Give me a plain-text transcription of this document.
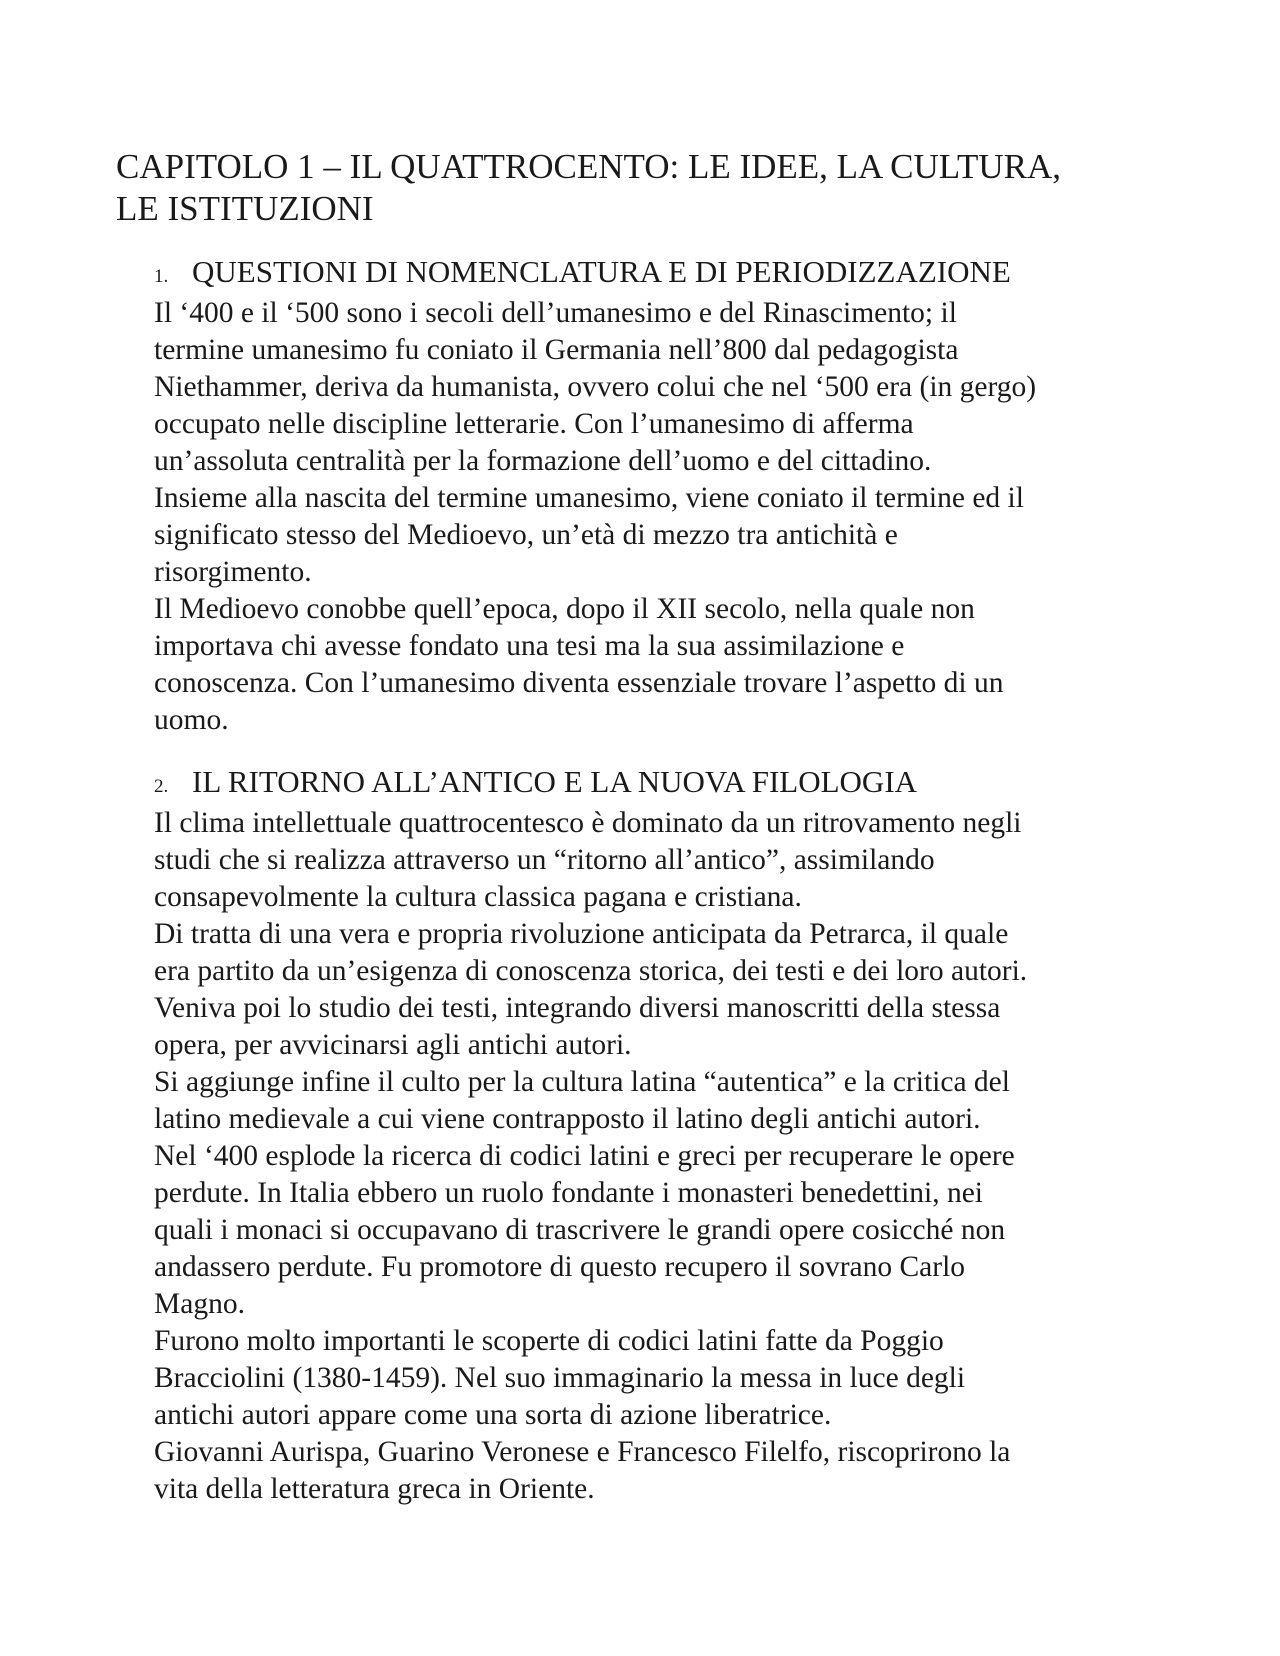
CAPITOLO 1 – IL QUATTROCENTO: LE IDEE, LA CULTURA,
LE ISTITUZIONI
1. QUESTIONI DI NOMENCLATURA E DI PERIODIZZAZIONE

Il ‘400 e il ‘500 sono i secoli dell’umanesimo e del Rinascimento; il
termine umanesimo fu coniato il Germania nell’800 dal pedagogista
Niethammer, deriva da humanista, ovvero colui che nel ‘500 era (in gergo)
occupato nelle discipline letterarie. Con l’umanesimo di afferma
un’assoluta centralità per la formazione dell’uomo e del cittadino.
Insieme alla nascita del termine umanesimo, viene coniato il termine ed il
significato stesso del Medioevo, un’età di mezzo tra antichità e
risorgimento.
Il Medioevo conobbe quell’epoca, dopo il XII secolo, nella quale non
importava chi avesse fondato una tesi ma la sua assimilazione e
conoscenza. Con l’umanesimo diventa essenziale trovare l’aspetto di un
uomo.

2. IL RITORNO ALL’ANTICO E LA NUOVA FILOLOGIA

Il clima intellettuale quattrocentesco è dominato da un ritrovamento negli
studi che si realizza attraverso un “ritorno all’antico”, assimilando
consapevolmente la cultura classica pagana e cristiana.
Di tratta di una vera e propria rivoluzione anticipata da Petrarca, il quale
era partito da un’esigenza di conoscenza storica, dei testi e dei loro autori.
Veniva poi lo studio dei testi, integrando diversi manoscritti della stessa
opera, per avvicinarsi agli antichi autori.
Si aggiunge infine il culto per la cultura latina “autentica” e la critica del
latino medievale a cui viene contrapposto il latino degli antichi autori.
Nel ‘400 esplode la ricerca di codici latini e greci per recuperare le opere
perdute. In Italia ebbero un ruolo fondante i monasteri benedettini, nei
quali i monaci si occupavano di trascrivere le grandi opere cosicché non
andassero perdute. Fu promotore di questo recupero il sovrano Carlo
Magno.
Furono molto importanti le scoperte di codici latini fatte da Poggio
Bracciolini (1380-1459). Nel suo immaginario la messa in luce degli
antichi autori appare come una sorta di azione liberatrice.
Giovanni Aurispa, Guarino Veronese e Francesco Filelfo, riscoprirono la
vita della letteratura greca in Oriente.
